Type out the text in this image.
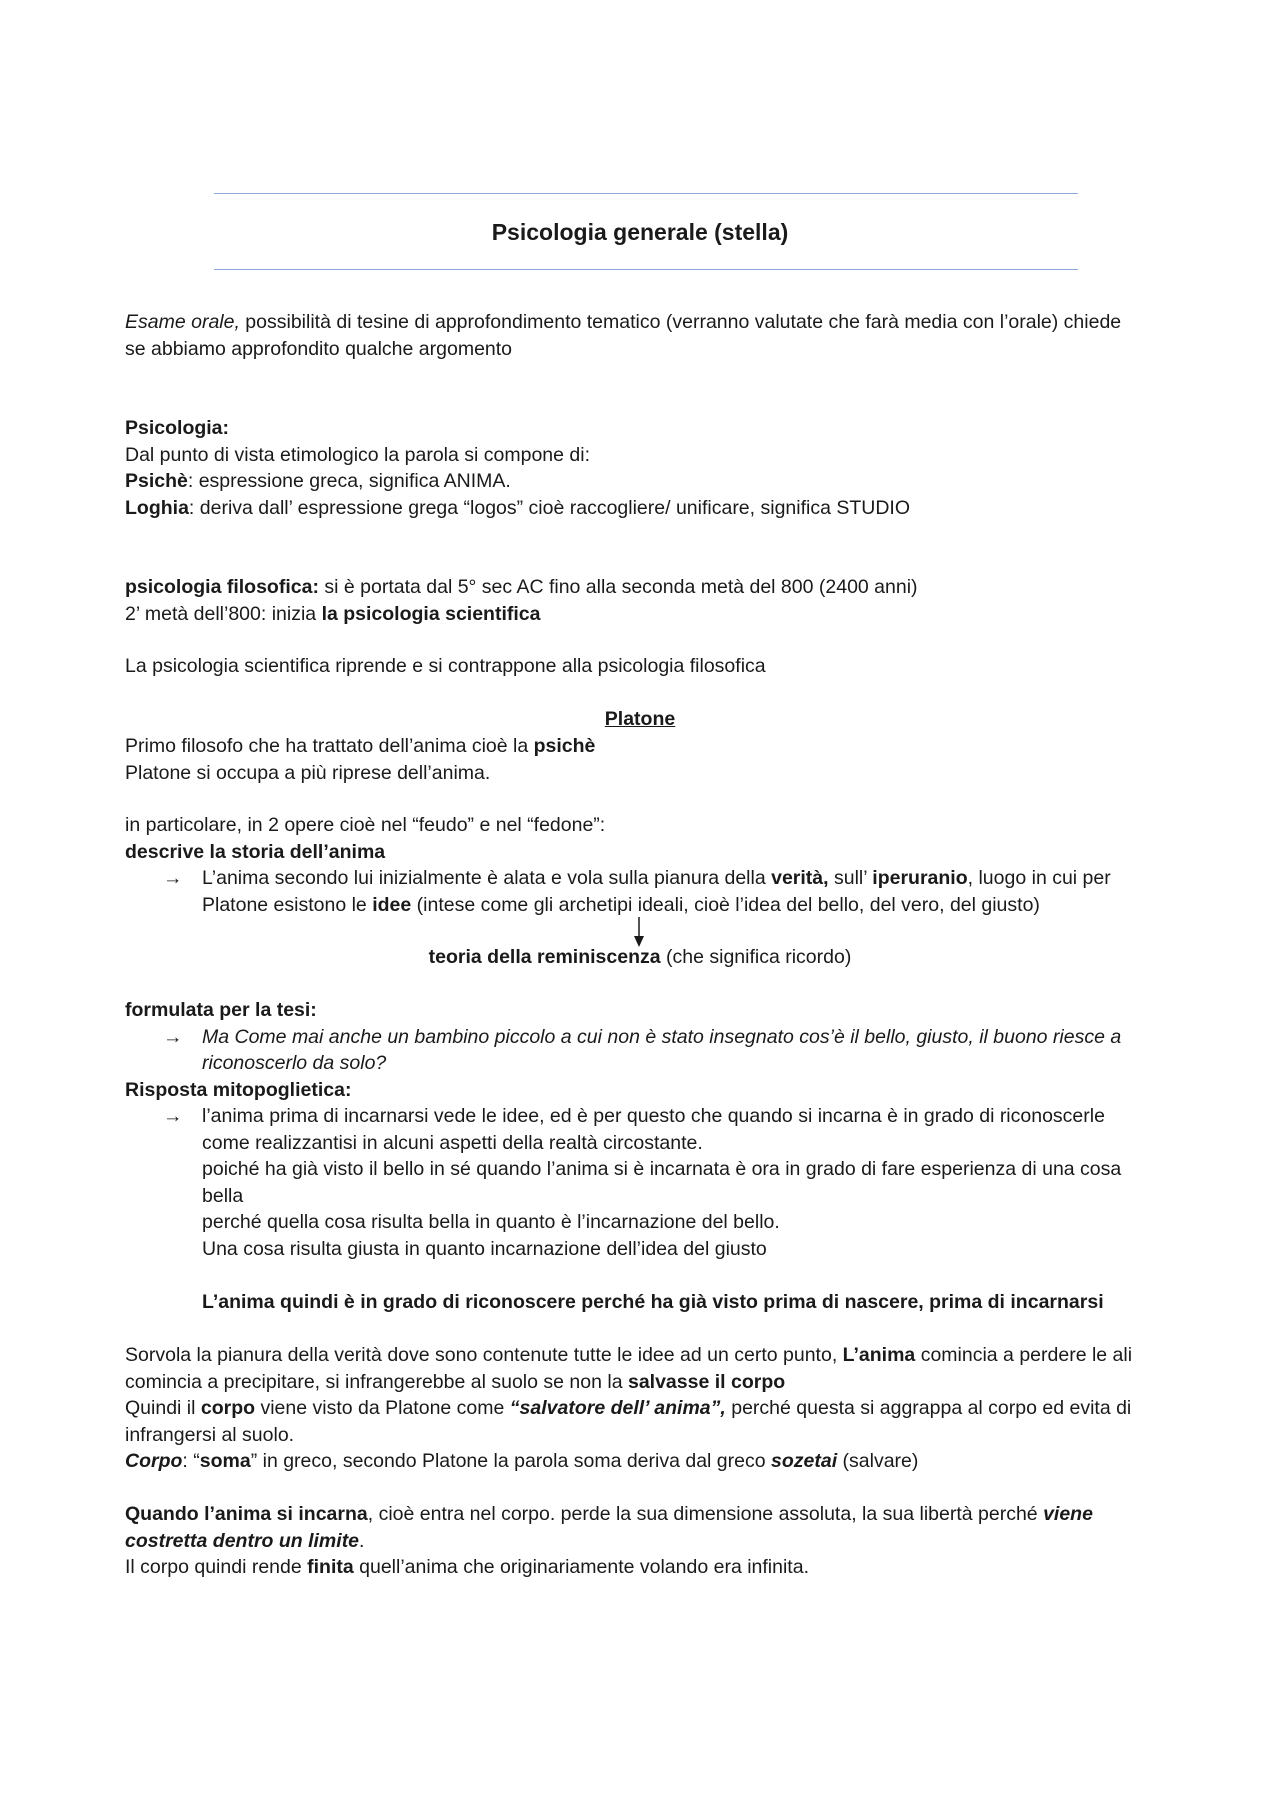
Psicologia generale (stella)
Esame orale, possibilità di tesine di approfondimento tematico (verranno valutate che farà media con l’orale) chiede
se abbiamo approfondito qualche argomento
Psicologia:
Dal punto di vista etimologico la parola si compone di:
Psichè: espressione greca, significa ANIMA.
Loghia: deriva dall’ espressione grega “logos” cioè raccogliere/ unificare, significa STUDIO
psicologia filosofica: si è portata dal 5° sec AC fino alla seconda metà del 800 (2400 anni)
2’ metà dell’800: inizia la psicologia scientifica
La psicologia scientifica riprende e si contrappone alla psicologia filosofica
Platone
Primo filosofo che ha trattato dell’anima cioè la psichè
Platone si occupa a più riprese dell’anima.
in particolare, in 2 opere cioè nel “feudo” e nel “fedone”:
descrive la storia dell’anima
→ L’anima secondo lui inizialmente è alata e vola sulla pianura della verità, sull’ iperuranio, luogo in cui per
Platone esistono le idee (intese come gli archetipi ideali, cioè l’idea del bello, del vero, del giusto)
teoria della reminiscenza (che significa ricordo)
formulata per la tesi:
→ Ma Come mai anche un bambino piccolo a cui non è stato insegnato cos’è il bello, giusto, il buono riesce a
riconoscerlo da solo?
Risposta mitopoglietica:
→ l’anima prima di incarnarsi vede le idee, ed è per questo che quando si incarna è in grado di riconoscerle
come realizzantisi in alcuni aspetti della realtà circostante.
poiché ha già visto il bello in sé quando l’anima si è incarnata è ora in grado di fare esperienza di una cosa
bella
perché quella cosa risulta bella in quanto è l’incarnazione del bello.
Una cosa risulta giusta in quanto incarnazione dell’idea del giusto
L’anima quindi è in grado di riconoscere perché ha già visto prima di nascere, prima di incarnarsi
Sorvola la pianura della verità dove sono contenute tutte le idee ad un certo punto, L’anima comincia a perdere le ali
comincia a precipitare, si infrangerebbe al suolo se non la salvasse il corpo
Quindi il corpo viene visto da Platone come “salvatore dell’ anima”, perché questa si aggrappa al corpo ed evita di
infrangersi al suolo.
Corpo: “soma” in greco, secondo Platone la parola soma deriva dal greco sozetai (salvare)
Quando l’anima si incarna, cioè entra nel corpo. perde la sua dimensione assoluta, la sua libertà perché viene
costretta dentro un limite.
Il corpo quindi rende finita quell’anima che originariamente volando era infinita.
